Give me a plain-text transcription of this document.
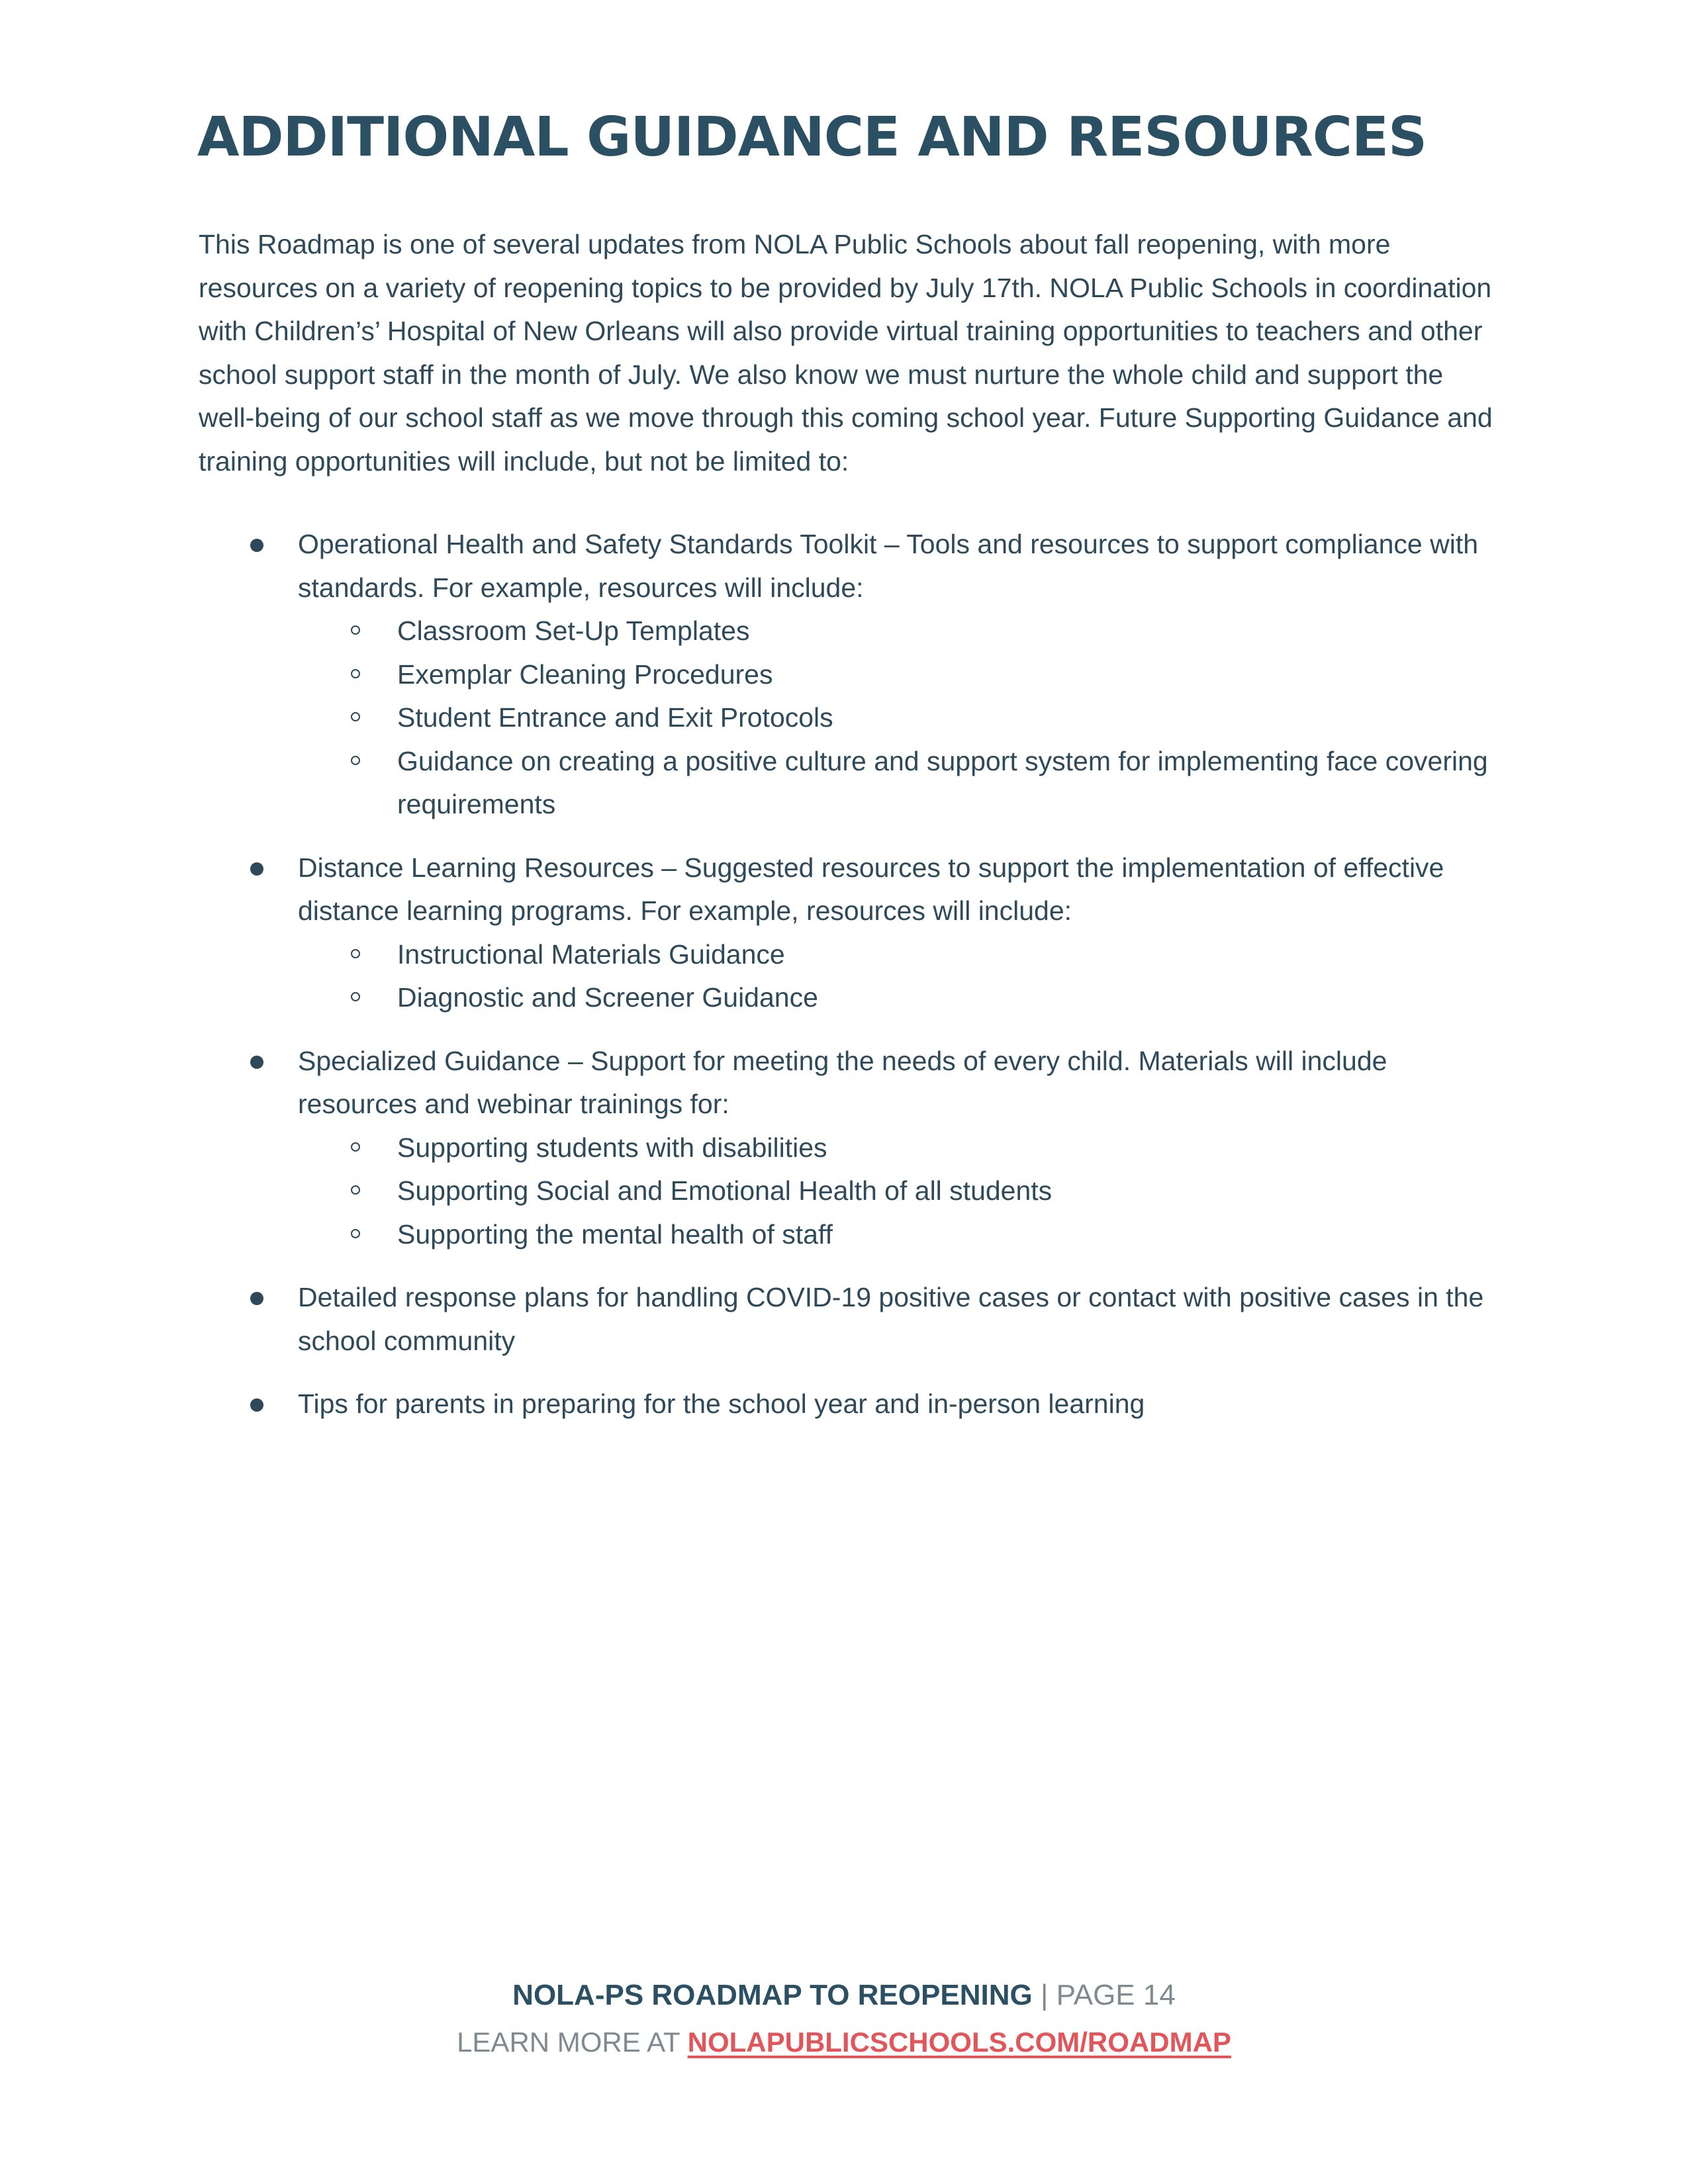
ADDITIONAL GUIDANCE AND RESOURCES

This Roadmap is one of several updates from NOLA Public Schools about fall reopening, with more resources on a variety of reopening topics to be provided by July 17th. NOLA Public Schools in coordination with Children’s’ Hospital of New Orleans will also provide virtual training opportunities to teachers and other school support staff in the month of July. We also know we must nurture the whole child and support the well-being of our school staff as we move through this coming school year. Future Supporting Guidance and training opportunities will include, but not be limited to:

Operational Health and Safety Standards Toolkit – Tools and resources to support compliance with standards. For example, resources will include:
Classroom Set-Up Templates
Exemplar Cleaning Procedures
Student Entrance and Exit Protocols
Guidance on creating a positive culture and support system for implementing face covering requirements
Distance Learning Resources – Suggested resources to support the implementation of effective distance learning programs. For example, resources will include:
Instructional Materials Guidance
Diagnostic and Screener Guidance
Specialized Guidance – Support for meeting the needs of every child. Materials will include resources and webinar trainings for:
Supporting students with disabilities
Supporting Social and Emotional Health of all students
Supporting the mental health of staff
Detailed response plans for handling COVID-19 positive cases or contact with positive cases in the school community
Tips for parents in preparing for the school year and in-person learning
NOLA-PS ROADMAP TO REOPENING | PAGE 14
LEARN MORE AT NOLAPUBLICSCHOOLS.COM/ROADMAP
